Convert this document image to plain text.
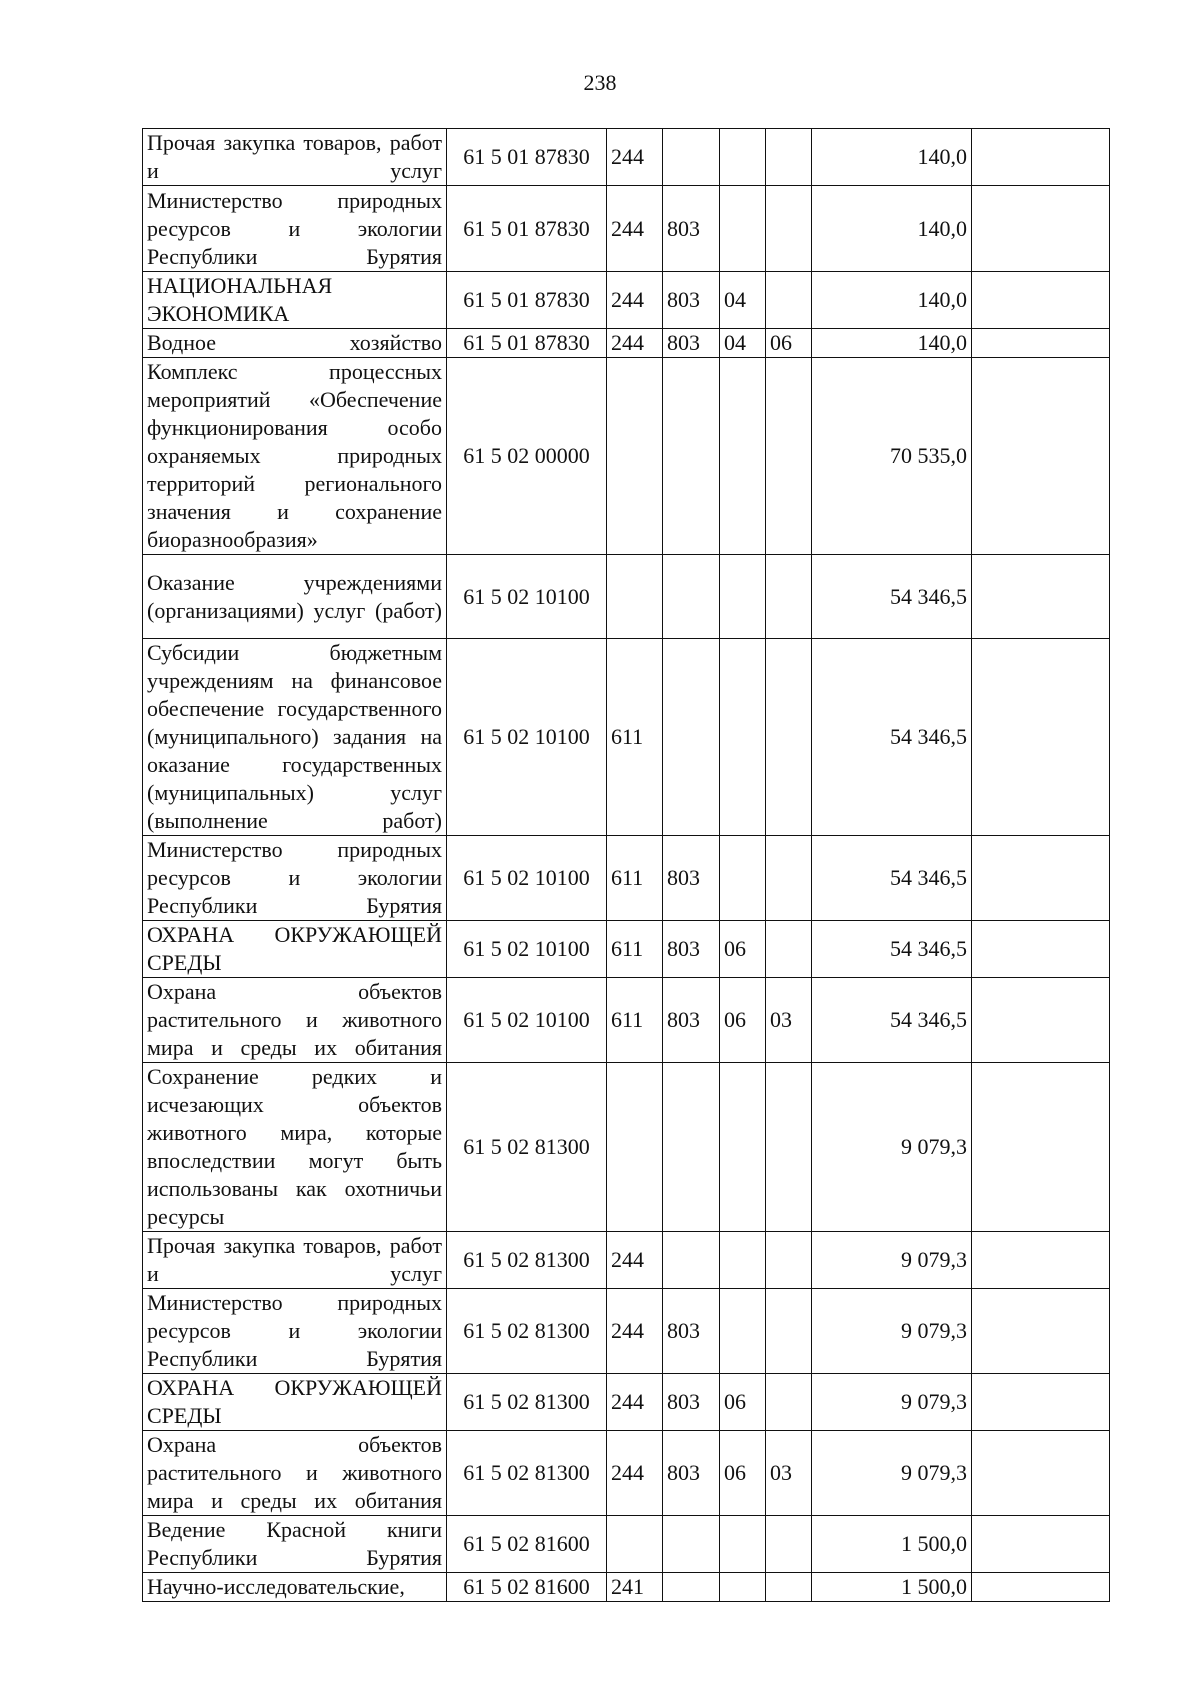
238
Прочая закупка товаров, работ и услуг	61 5 01 87830	244				140,0	
Министерство природных ресурсов и экологии Республики Бурятия	61 5 01 87830	244	803			140,0	
НАЦИОНАЛЬНАЯ ЭКОНОМИКА	61 5 01 87830	244	803	04		140,0	
Водное хозяйство	61 5 01 87830	244	803	04	06	140,0	
Комплекс процессных мероприятий «Обеспечение функционирования особо охраняемых природных территорий регионального значения и сохранение биоразнообразия»	61 5 02 00000					70 535,0	
Оказание учреждениями (организациями) услуг (работ)	61 5 02 10100					54 346,5	
Субсидии бюджетным учреждениям на финансовое обеспечение государственного (муниципального) задания на оказание государственных (муниципальных) услуг (выполнение работ)	61 5 02 10100	611				54 346,5	
Министерство природных ресурсов и экологии Республики Бурятия	61 5 02 10100	611	803			54 346,5	
ОХРАНА ОКРУЖАЮЩЕЙ СРЕДЫ	61 5 02 10100	611	803	06		54 346,5	
Охрана объектов растительного и животного мира и среды их обитания	61 5 02 10100	611	803	06	03	54 346,5	
Сохранение редких и исчезающих объектов животного мира, которые впоследствии могут быть использованы как охотничьи ресурсы	61 5 02 81300					9 079,3	
Прочая закупка товаров, работ и услуг	61 5 02 81300	244				9 079,3	
Министерство природных ресурсов и экологии Республики Бурятия	61 5 02 81300	244	803			9 079,3	
ОХРАНА ОКРУЖАЮЩЕЙ СРЕДЫ	61 5 02 81300	244	803	06		9 079,3	
Охрана объектов растительного и животного мира и среды их обитания	61 5 02 81300	244	803	06	03	9 079,3	
Ведение Красной книги Республики Бурятия	61 5 02 81600					1 500,0	
Научно-исследовательские,	61 5 02 81600	241				1 500,0	
